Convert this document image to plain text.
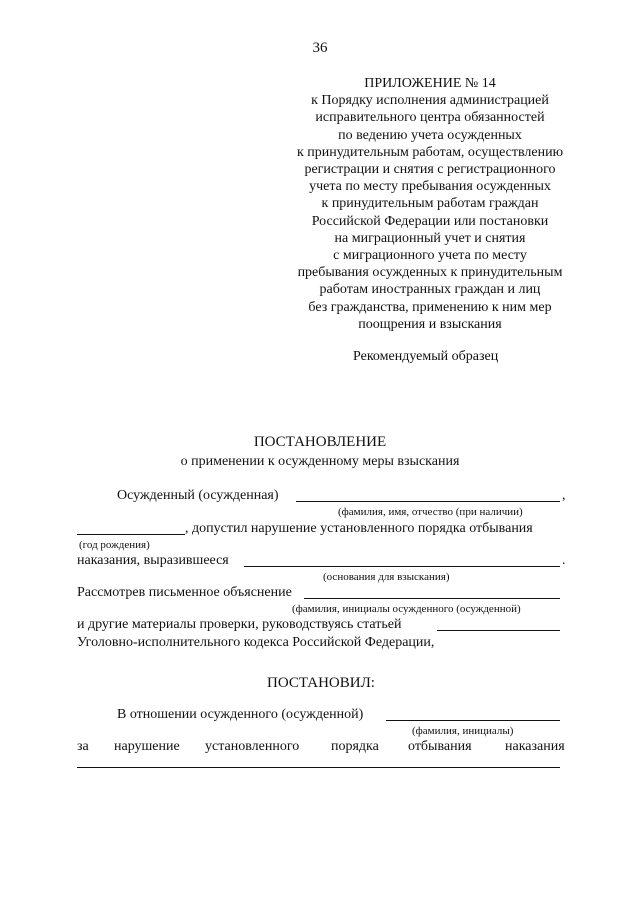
36
ПРИЛОЖЕНИЕ № 14
к Порядку исполнения администрацией
исправительного центра обязанностей
по ведению учета осужденных
к принудительным работам, осуществлению
регистрации и снятия с регистрационного
учета по месту пребывания осужденных
к принудительным работам граждан
Российской Федерации или постановки
на миграционный учет и снятия
с миграционного учета по месту
пребывания осужденных к принудительным
работам иностранных граждан и лиц
без гражданства, применению к ним мер
поощрения и взыскания
Рекомендуемый образец
ПОСТАНОВЛЕНИЕ
о применении к осужденному меры взыскания
Осужденный (осужденная)	,
(фамилия, имя, отчество (при наличии)
, допустил нарушение установленного порядка отбывания
(год рождения)
наказания, выразившееся	.
(основания для взыскания)
Рассмотрев письменное объяснение
(фамилия, инициалы осужденного (осужденной)
и другие материалы проверки, руководствуясь статьей
Уголовно-исполнительного кодекса Российской Федерации,
ПОСТАНОВИЛ:
В отношении осужденного (осужденной)
(фамилия, инициалы)
за нарушение установленного порядка отбывания наказания
